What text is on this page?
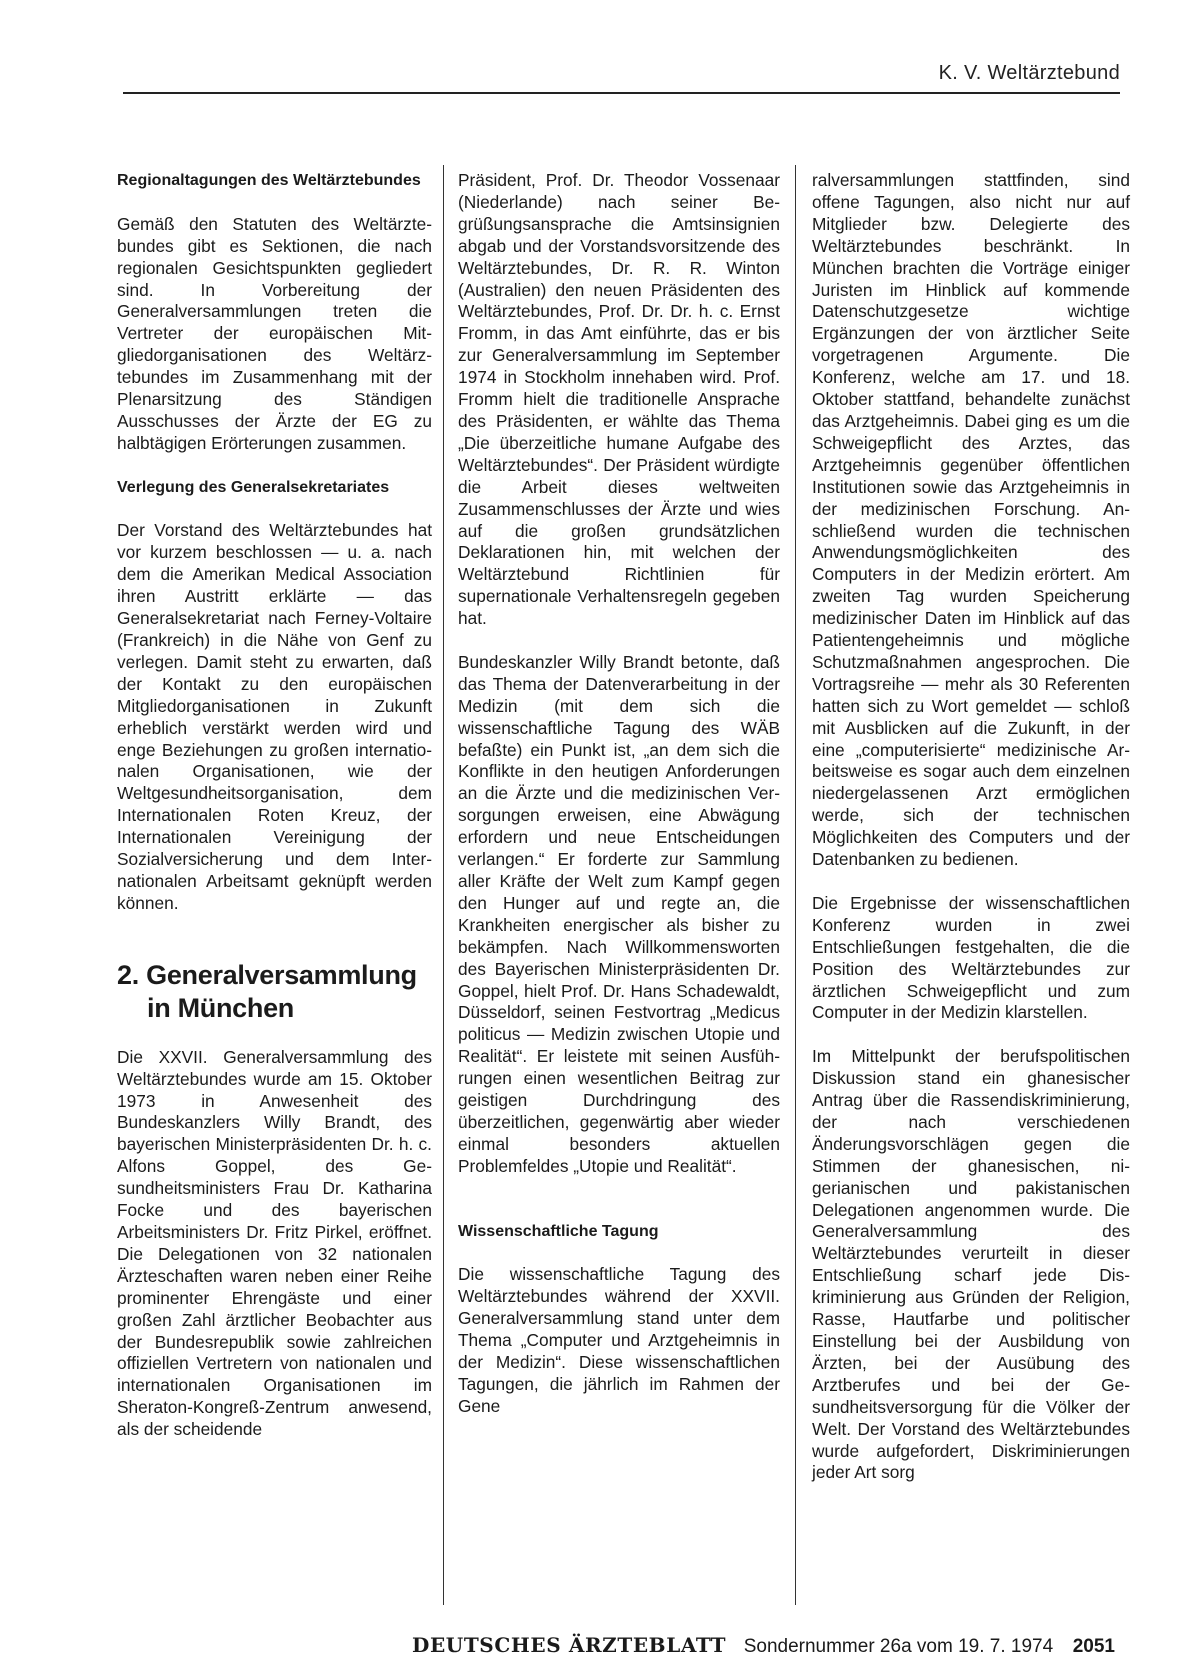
K. V. Weltärztebund

Regionaltagungen des Weltärztebundes

Gemäß den Statuten des Weltärztebundes gibt es Sektionen, die nach regionalen Gesichtspunkten gegliedert sind. In Vorbereitung der Generalversammlungen treten die Vertreter der europäischen Mitgliedorganisationen des Weltärztebundes im Zusammenhang mit der Plenarsitzung des Ständigen Ausschusses der Ärzte der EG zu halbtägigen Erörterungen zusammen.

Verlegung des Generalsekretariates

Der Vorstand des Weltärztebundes hat vor kurzem beschlossen — u. a. nach dem die Amerikan Medical Association ihren Austritt erklärte — das Generalsekretariat nach Ferney-Voltaire (Frankreich) in die Nähe von Genf zu verlegen. Damit steht zu erwarten, daß der Kontakt zu den europäischen Mitgliedorganisationen in Zukunft erheblich verstärkt werden wird und enge Beziehungen zu großen internationalen Organisationen, wie der Weltgesundheitsorganisation, dem Internationalen Roten Kreuz, der Internationalen Vereinigung der Sozialversicherung und dem Internationalen Arbeitsamt geknüpft werden können.

2. Generalversammlung
in München

Die XXVII. Generalversammlung des Weltärztebundes wurde am 15. Oktober 1973 in Anwesenheit des Bundeskanzlers Willy Brandt, des bayerischen Ministerpräsidenten Dr. h. c. Alfons Goppel, des Gesundheitsministers Frau Dr. Katharina Focke und des bayerischen Arbeitsministers Dr. Fritz Pirkel, eröffnet. Die Delegationen von 32 nationalen Ärzteschaften waren neben einer Reihe prominenter Ehrengäste und einer großen Zahl ärztlicher Beobachter aus der Bundesrepublik sowie zahlreichen offiziellen Vertretern von nationalen und internationalen Organisationen im Sheraton-Kongreß-Zentrum anwesend, als der scheidende

Präsident, Prof. Dr. Theodor Vossenaar (Niederlande) nach seiner Begrüßungsansprache die Amtsinsignien abgab und der Vorstandsvorsitzende des Weltärztebundes, Dr. R. R. Winton (Australien) den neuen Präsidenten des Weltärztebundes, Prof. Dr. Dr. h. c. Ernst Fromm, in das Amt einführte, das er bis zur Generalversammlung im September 1974 in Stockholm innehaben wird. Prof. Fromm hielt die traditionelle Ansprache des Präsidenten, er wählte das Thema „Die überzeitliche humane Aufgabe des Weltärztebundes“. Der Präsident würdigte die Arbeit dieses weltweiten Zusammenschlusses der Ärzte und wies auf die großen grundsätzlichen Deklarationen hin, mit welchen der Weltärztebund Richtlinien für supernationale Verhaltensregeln gegeben hat.

Bundeskanzler Willy Brandt betonte, daß das Thema der Datenverarbeitung in der Medizin (mit dem sich die wissenschaftliche Tagung des WÄB befaßte) ein Punkt ist, „an dem sich die Konflikte in den heutigen Anforderungen an die Ärzte und die medizinischen Versorgungen erweisen, eine Abwägung erfordern und neue Entscheidungen verlangen.“ Er forderte zur Sammlung aller Kräfte der Welt zum Kampf gegen den Hunger auf und regte an, die Krankheiten energischer als bisher zu bekämpfen. Nach Willkommensworten des Bayerischen Ministerpräsidenten Dr. Goppel, hielt Prof. Dr. Hans Schadewaldt, Düsseldorf, seinen Festvortrag „Medicus politicus — Medizin zwischen Utopie und Realität“. Er leistete mit seinen Ausführungen einen wesentlichen Beitrag zur geistigen Durchdringung des überzeitlichen, gegenwärtig aber wieder einmal besonders aktuellen Problemfeldes „Utopie und Realität“.

Wissenschaftliche Tagung

Die wissenschaftliche Tagung des Weltärztebundes während der XXVII. Generalversammlung stand unter dem Thema „Computer und Arztgeheimnis in der Medizin“. Diese wissenschaftlichen Tagungen, die jährlich im Rahmen der Gene

ralversammlungen stattfinden, sind offene Tagungen, also nicht nur auf Mitglieder bzw. Delegierte des Weltärztebundes beschränkt. In München brachten die Vorträge einiger Juristen im Hinblick auf kommende Datenschutzgesetze wichtige Ergänzungen der von ärztlicher Seite vorgetragenen Argumente. Die Konferenz, welche am 17. und 18. Oktober stattfand, behandelte zunächst das Arztgeheimnis. Dabei ging es um die Schweigepflicht des Arztes, das Arztgeheimnis gegenüber öffentlichen Institutionen sowie das Arztgeheimnis in der medizinischen Forschung. Anschließend wurden die technischen Anwendungsmöglichkeiten des Computers in der Medizin erörtert. Am zweiten Tag wurden Speicherung medizinischer Daten im Hinblick auf das Patientengeheimnis und mögliche Schutzmaßnahmen angesprochen. Die Vortragsreihe — mehr als 30 Referenten hatten sich zu Wort gemeldet — schloß mit Ausblicken auf die Zukunft, in der eine „computerisierte“ medizinische Arbeitsweise es sogar auch dem einzelnen niedergelassenen Arzt ermöglichen werde, sich der technischen Möglichkeiten des Computers und der Datenbanken zu bedienen.

Die Ergebnisse der wissenschaftlichen Konferenz wurden in zwei Entschließungen festgehalten, die die Position des Weltärztebundes zur ärztlichen Schweigepflicht und zum Computer in der Medizin klarstellen.

Im Mittelpunkt der berufspolitischen Diskussion stand ein ghanesischer Antrag über die Rassendiskriminierung, der nach verschiedenen Änderungsvorschlägen gegen die Stimmen der ghanesischen, nigerianischen und pakistanischen Delegationen angenommen wurde. Die Generalversammlung des Weltärztebundes verurteilt in dieser Entschließung scharf jede Diskriminierung aus Gründen der Religion, Rasse, Hautfarbe und politischer Einstellung bei der Ausbildung von Ärzten, bei der Ausübung des Arztberufes und bei der Gesundheitsversorgung für die Völker der Welt. Der Vorstand des Weltärztebundes wurde aufgefordert, Diskriminierungen jeder Art sorg

DEUTSCHES ÄRZTEBLATT Sondernummer 26a vom 19. 7. 1974 2051
